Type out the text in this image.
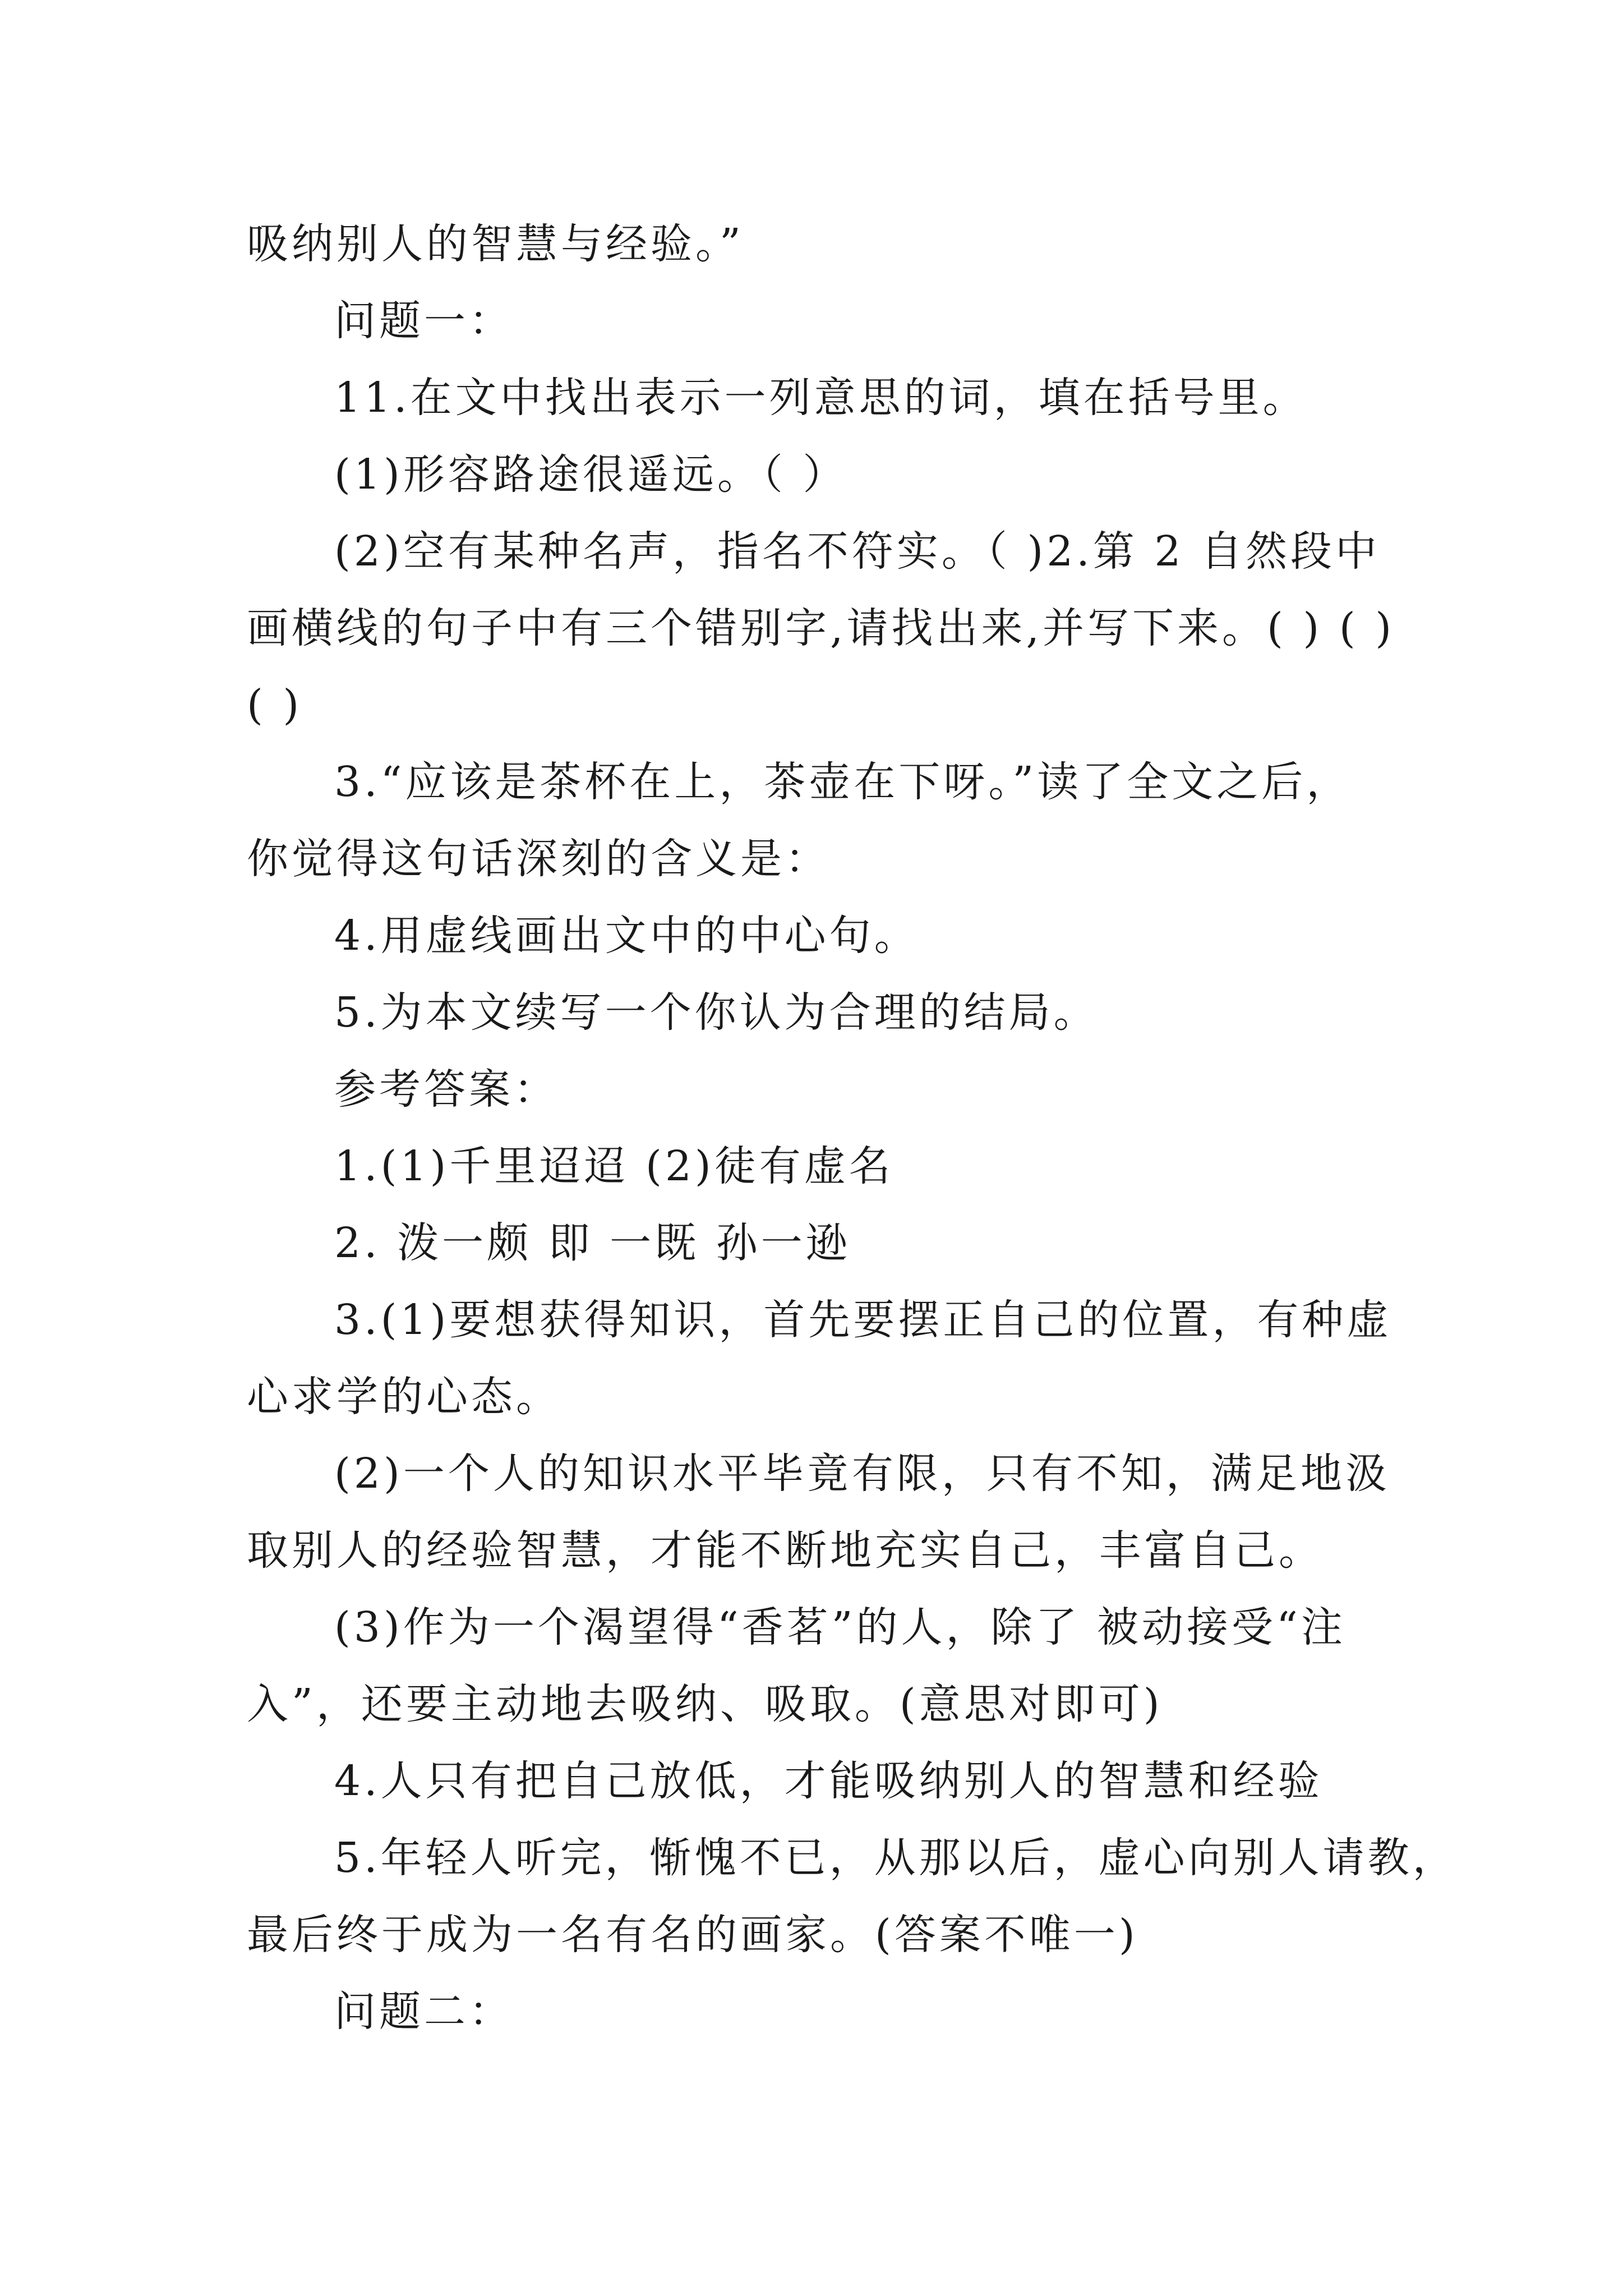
吸纳别人的智慧与经验。”
问题一：
11.在文中找出表示一列意思的词，填在括号里。
(1)形容路途很遥远。（ ）
(2)空有某种名声，指名不符实。（ )2.第 2 自然段中
画横线的句子中有三个错别字,请找出来,并写下来。( ) ( )
( )
3.“应该是茶杯在上，茶壶在下呀。”读了全文之后，
你觉得这句话深刻的含义是：
4.用虚线画出文中的中心句。
5.为本文续写一个你认为合理的结局。
参考答案：
1.(1)千里迢迢 (2)徒有虚名
2. 泼一颇 即 一既 孙一逊
3.(1)要想获得知识，首先要摆正自己的位置，有种虚
心求学的心态。
(2)一个人的知识水平毕竟有限，只有不知，满足地汲
取别人的经验智慧，才能不断地充实自己，丰富自己。
(3)作为一个渴望得“香茗”的人，除了 被动接受“注
入”，还要主动地去吸纳、吸取。(意思对即可)
4.人只有把自己放低，才能吸纳别人的智慧和经验
5.年轻人听完，惭愧不已，从那以后，虚心向别人请教，
最后终于成为一名有名的画家。(答案不唯一)
问题二：
